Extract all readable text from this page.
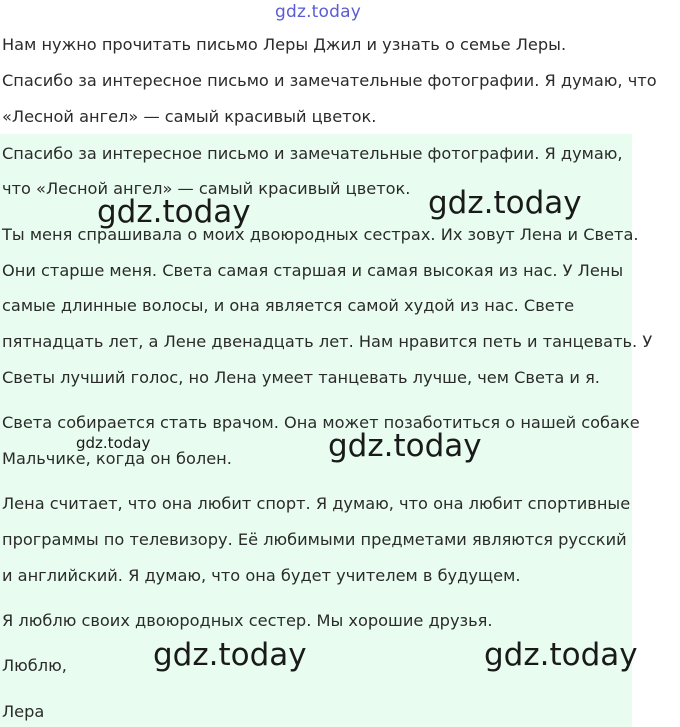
gdz.today
Нам нужно прочитать письмо Леры Джил и узнать о семье Леры.
Спасибо за интересное письмо и замечательные фотографии. Я думаю, что
«Лесной ангел» — самый красивый цветок.
Спасибо за интересное письмо и замечательные фотографии. Я думаю,
что «Лесной ангел» — самый красивый цветок.
Ты меня спрашивала о моих двоюродных сестрах. Их зовут Лена и Света.
Они старше меня. Света самая старшая и самая высокая из нас. У Лены
самые длинные волосы, и она является самой худой из нас. Свете
пятнадцать лет, а Лене двенадцать лет. Нам нравится петь и танцевать. У
Светы лучший голос, но Лена умеет танцевать лучше, чем Света и я.
Света собирается стать врачом. Она может позаботиться о нашей собаке
Мальчике, когда он болен.
Лена считает, что она любит спорт. Я думаю, что она любит спортивные
программы по телевизору. Её любимыми предметами являются русский
и английский. Я думаю, что она будет учителем в будущем.
Я люблю своих двоюродных сестер. Мы хорошие друзья.
Люблю,
Лера
gdz.today	gdz.today
gdz.today	gdz.today
gdz.today	gdz.today
